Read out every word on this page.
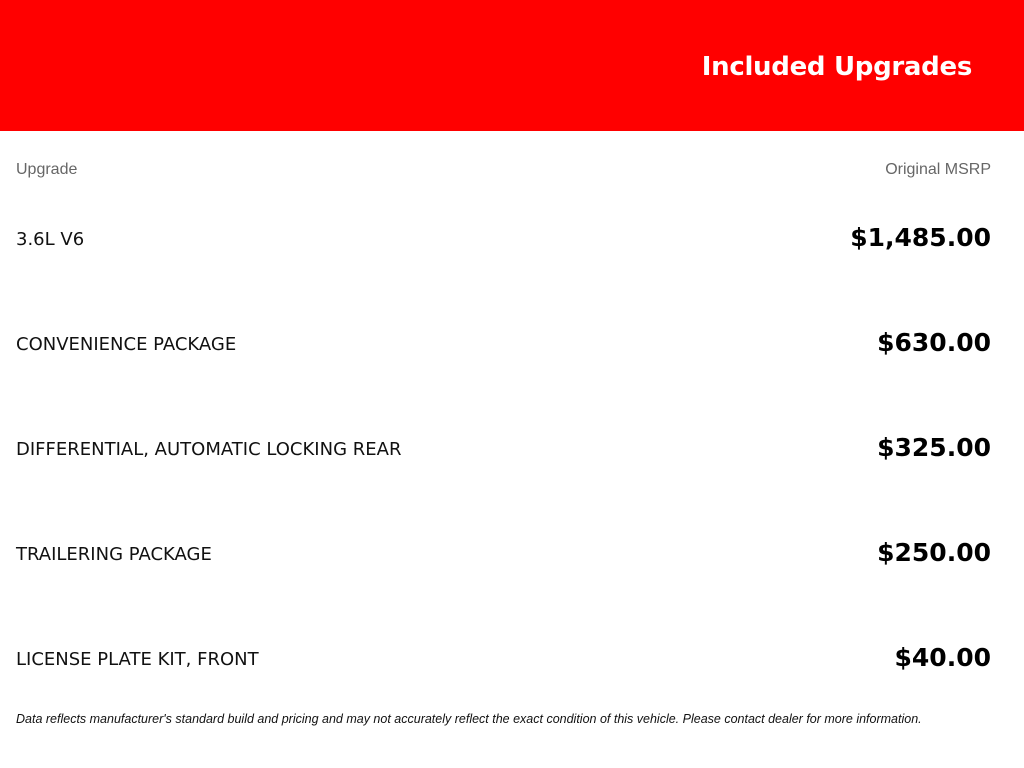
Included Upgrades
Upgrade	Original MSRP
3.6L V6	$1,485.00
CONVENIENCE PACKAGE	$630.00
DIFFERENTIAL, AUTOMATIC LOCKING REAR	$325.00
TRAILERING PACKAGE	$250.00
LICENSE PLATE KIT, FRONT	$40.00
Data reflects manufacturer's standard build and pricing and may not accurately reflect the exact condition of this vehicle. Please contact dealer for more information.
